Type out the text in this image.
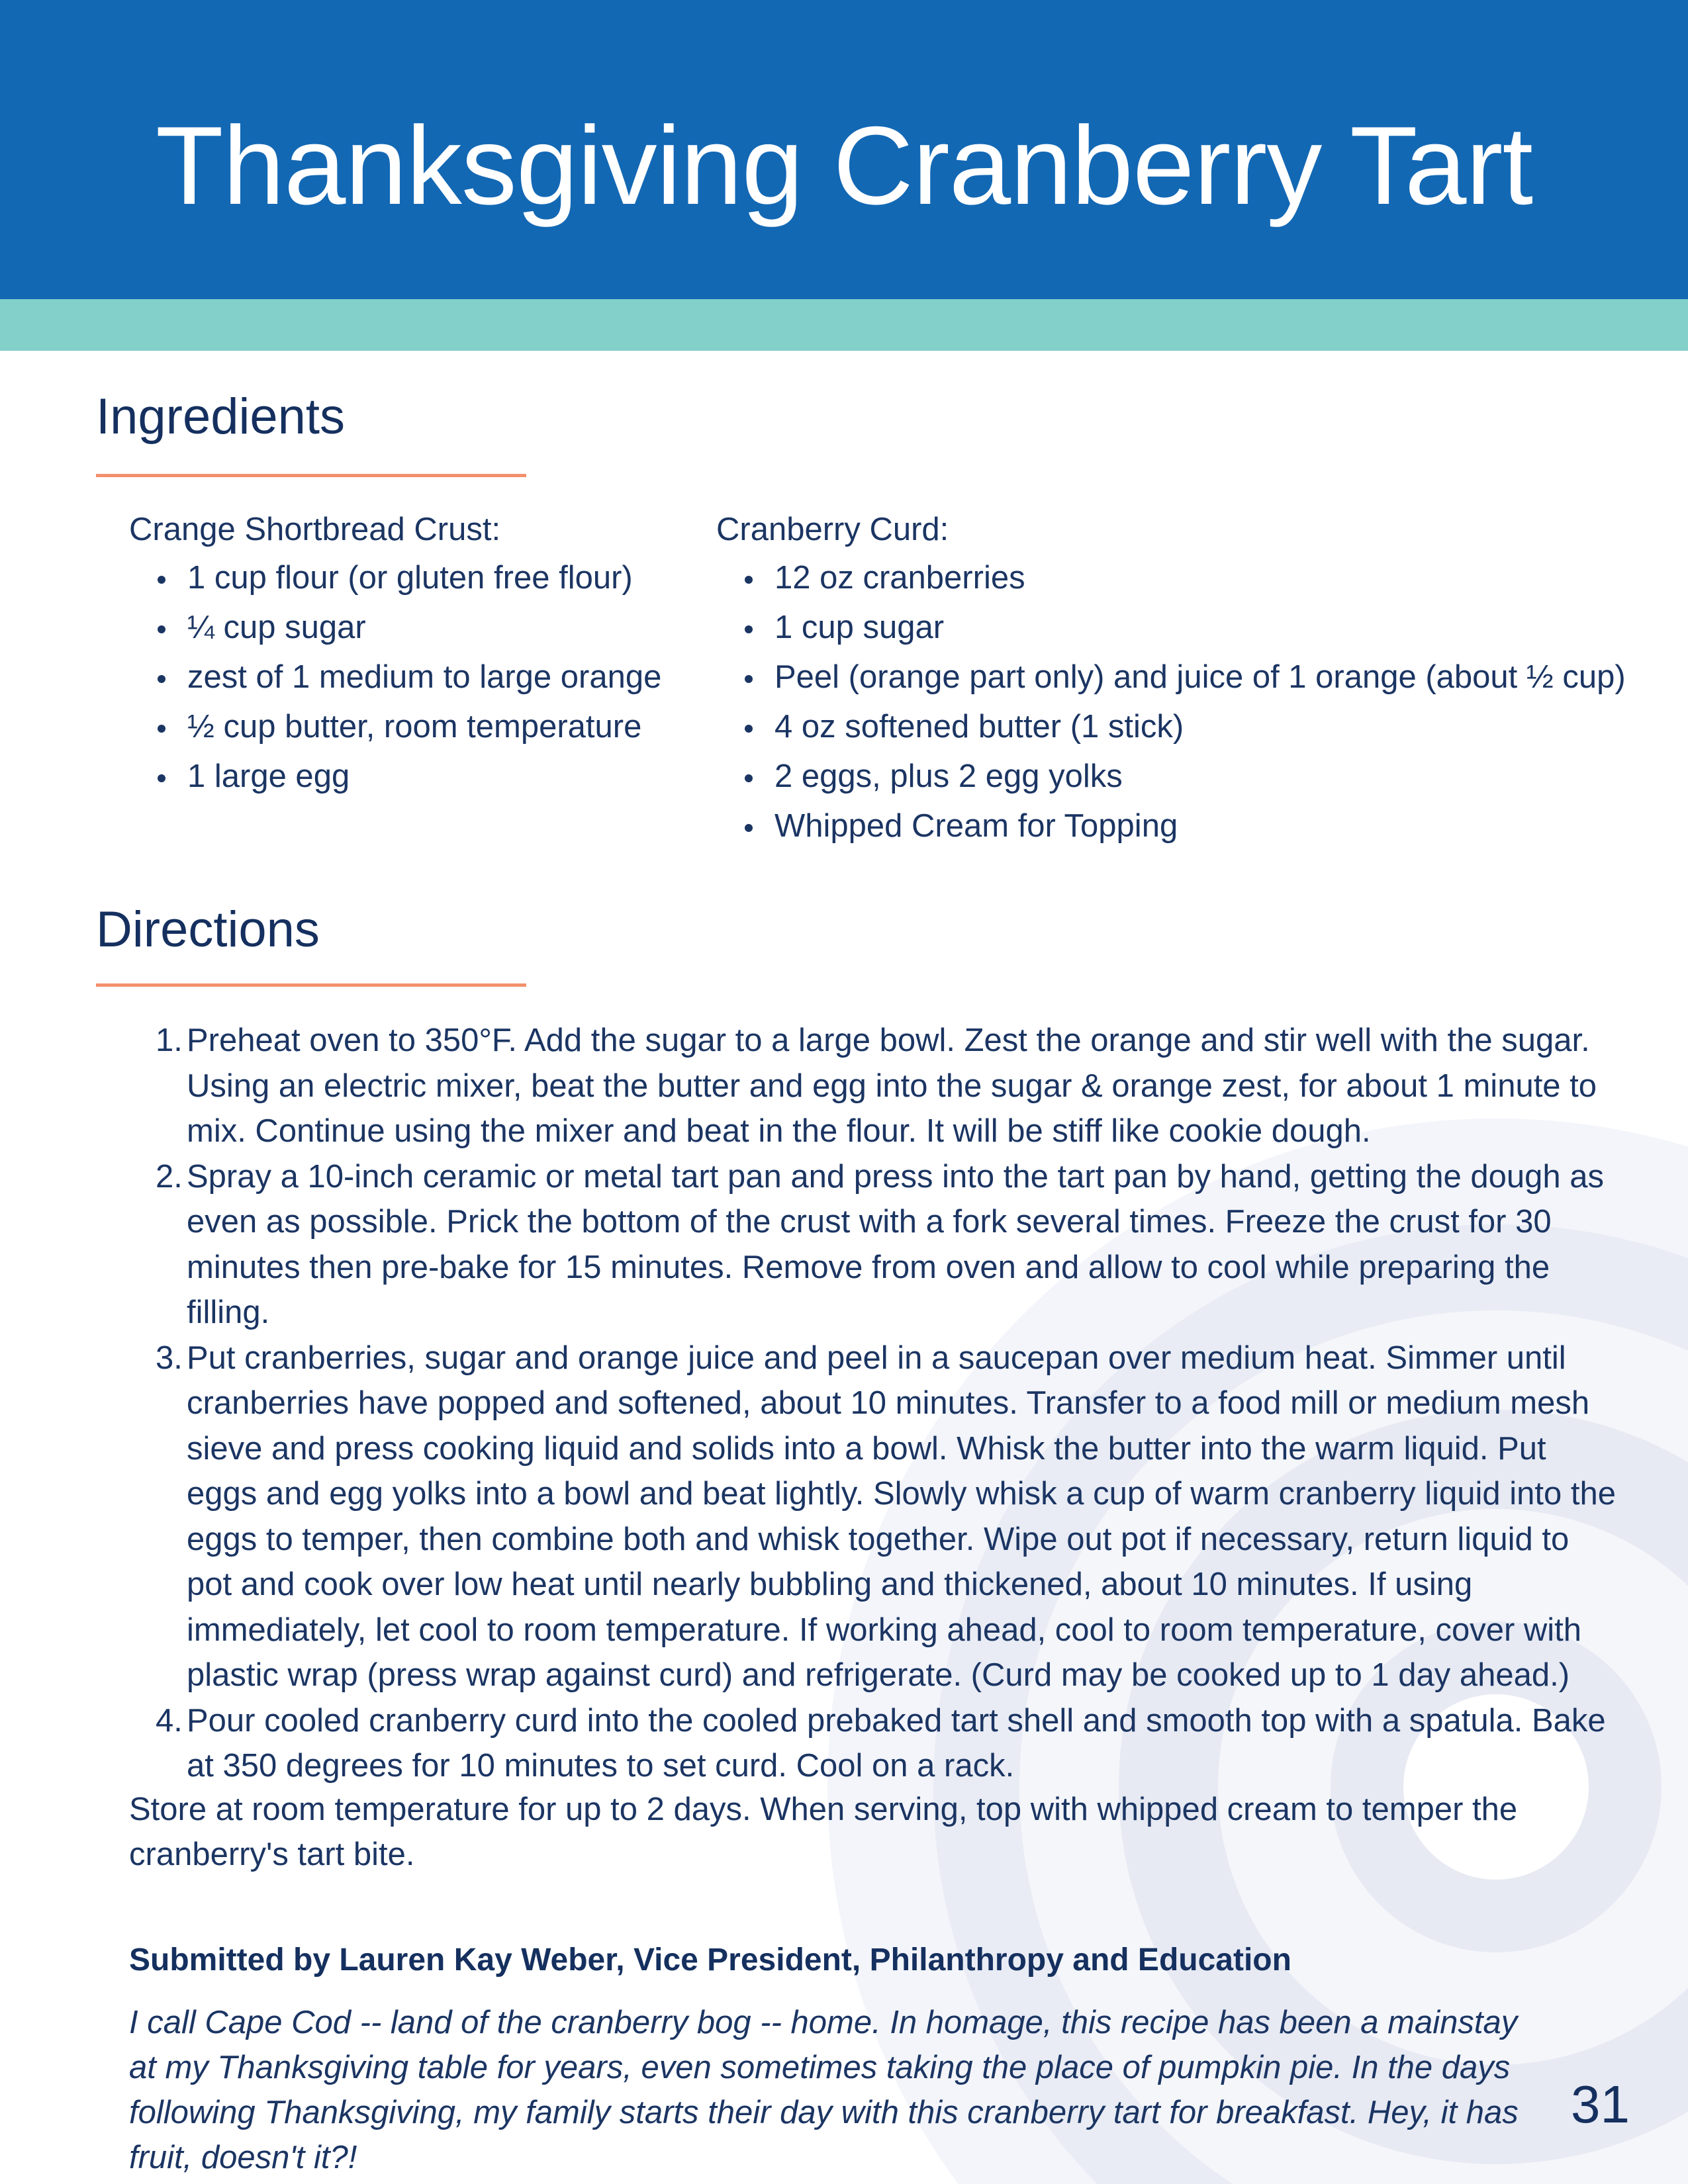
Thanksgiving Cranberry Tart
Ingredients
Crange Shortbread Crust:
1 cup flour (or gluten free flour)
¼ cup sugar
zest of 1 medium to large orange
½ cup butter, room temperature
1 large egg
Cranberry Curd:
12 oz cranberries
1 cup sugar
Peel (orange part only) and juice of 1 orange (about ½ cup)
4 oz softened butter (1 stick)
2 eggs, plus 2 egg yolks
Whipped Cream for Topping
Directions
1. Preheat oven to 350°F. Add the sugar to a large bowl. Zest the orange and stir well with the sugar. Using an electric mixer, beat the butter and egg into the sugar & orange zest, for about 1 minute to mix. Continue using the mixer and beat in the flour. It will be stiff like cookie dough.
2. Spray a 10-inch ceramic or metal tart pan and press into the tart pan by hand, getting the dough as even as possible. Prick the bottom of the crust with a fork several times. Freeze the crust for 30 minutes then pre-bake for 15 minutes. Remove from oven and allow to cool while preparing the filling.
3. Put cranberries, sugar and orange juice and peel in a saucepan over medium heat. Simmer until cranberries have popped and softened, about 10 minutes. Transfer to a food mill or medium mesh sieve and press cooking liquid and solids into a bowl. Whisk the butter into the warm liquid. Put eggs and egg yolks into a bowl and beat lightly. Slowly whisk a cup of warm cranberry liquid into the eggs to temper, then combine both and whisk together. Wipe out pot if necessary, return liquid to pot and cook over low heat until nearly bubbling and thickened, about 10 minutes. If using immediately, let cool to room temperature. If working ahead, cool to room temperature, cover with plastic wrap (press wrap against curd) and refrigerate. (Curd may be cooked up to 1 day ahead.)
4. Pour cooled cranberry curd into the cooled prebaked tart shell and smooth top with a spatula. Bake at 350 degrees for 10 minutes to set curd. Cool on a rack.

Store at room temperature for up to 2 days. When serving, top with whipped cream to temper the cranberry's tart bite.

Submitted by Lauren Kay Weber, Vice President, Philanthropy and Education

I call Cape Cod -- land of the cranberry bog -- home. In homage, this recipe has been a mainstay at my Thanksgiving table for years, even sometimes taking the place of pumpkin pie. In the days following Thanksgiving, my family starts their day with this cranberry tart for breakfast. Hey, it has fruit, doesn't it?!

31
